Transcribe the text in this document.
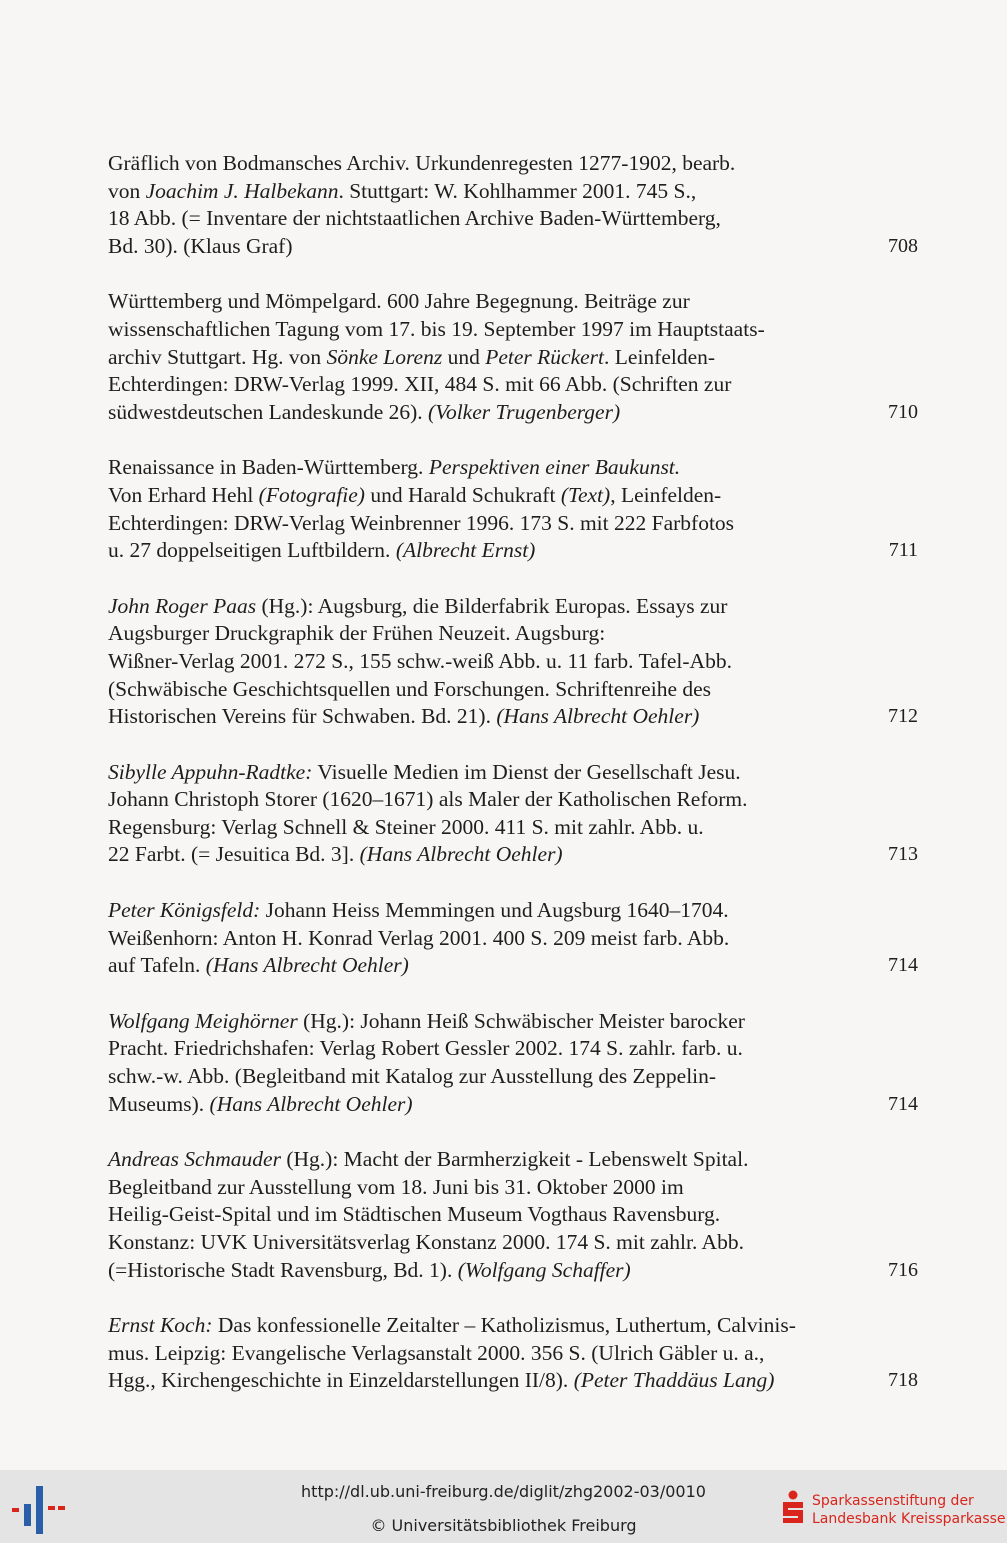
Gräflich von Bodmansches Archiv. Urkundenregesten 1277-1902, bearb.
von Joachim J. Halbekann. Stuttgart: W. Kohlhammer 2001. 745 S.,
18 Abb. (= Inventare der nichtstaatlichen Archive Baden-Württemberg,
Bd. 30). (Klaus Graf)	708
Württemberg und Mömpelgard. 600 Jahre Begegnung. Beiträge zur
wissenschaftlichen Tagung vom 17. bis 19. September 1997 im Hauptstaats-
archiv Stuttgart. Hg. von Sönke Lorenz und Peter Rückert. Leinfelden-
Echterdingen: DRW-Verlag 1999. XII, 484 S. mit 66 Abb. (Schriften zur
südwestdeutschen Landeskunde 26). (Volker Trugenberger)	710
Renaissance in Baden-Württemberg. Perspektiven einer Baukunst.
Von Erhard Hehl (Fotografie) und Harald Schukraft (Text), Leinfelden-
Echterdingen: DRW-Verlag Weinbrenner 1996. 173 S. mit 222 Farbfotos
u. 27 doppelseitigen Luftbildern. (Albrecht Ernst)	711
John Roger Paas (Hg.): Augsburg, die Bilderfabrik Europas. Essays zur
Augsburger Druckgraphik der Frühen Neuzeit. Augsburg:
Wißner-Verlag 2001. 272 S., 155 schw.-weiß Abb. u. 11 farb. Tafel-Abb.
(Schwäbische Geschichtsquellen und Forschungen. Schriftenreihe des
Historischen Vereins für Schwaben. Bd. 21). (Hans Albrecht Oehler)	712
Sibylle Appuhn-Radtke: Visuelle Medien im Dienst der Gesellschaft Jesu.
Johann Christoph Storer (1620–1671) als Maler der Katholischen Reform.
Regensburg: Verlag Schnell & Steiner 2000. 411 S. mit zahlr. Abb. u.
22 Farbt. (= Jesuitica Bd. 3]. (Hans Albrecht Oehler)	713
Peter Königsfeld: Johann Heiss Memmingen und Augsburg 1640–1704.
Weißenhorn: Anton H. Konrad Verlag 2001. 400 S. 209 meist farb. Abb.
auf Tafeln. (Hans Albrecht Oehler)	714
Wolfgang Meighörner (Hg.): Johann Heiß Schwäbischer Meister barocker
Pracht. Friedrichshafen: Verlag Robert Gessler 2002. 174 S. zahlr. farb. u.
schw.-w. Abb. (Begleitband mit Katalog zur Ausstellung des Zeppelin-
Museums). (Hans Albrecht Oehler)	714
Andreas Schmauder (Hg.): Macht der Barmherzigkeit - Lebenswelt Spital.
Begleitband zur Ausstellung vom 18. Juni bis 31. Oktober 2000 im
Heilig-Geist-Spital und im Städtischen Museum Vogthaus Ravensburg.
Konstanz: UVK Universitätsverlag Konstanz 2000. 174 S. mit zahlr. Abb.
(=Historische Stadt Ravensburg, Bd. 1). (Wolfgang Schaffer)	716
Ernst Koch: Das konfessionelle Zeitalter – Katholizismus, Luthertum, Calvinis-
mus. Leipzig: Evangelische Verlagsanstalt 2000. 356 S. (Ulrich Gäbler u. a.,
Hgg., Kirchengeschichte in Einzeldarstellungen II/8). (Peter Thaddäus Lang)	718
http://dl.ub.uni-freiburg.de/diglit/zhg2002-03/0010
© Universitätsbibliothek Freiburg
Sparkassenstiftung der
Landesbank Kreissparkasse
